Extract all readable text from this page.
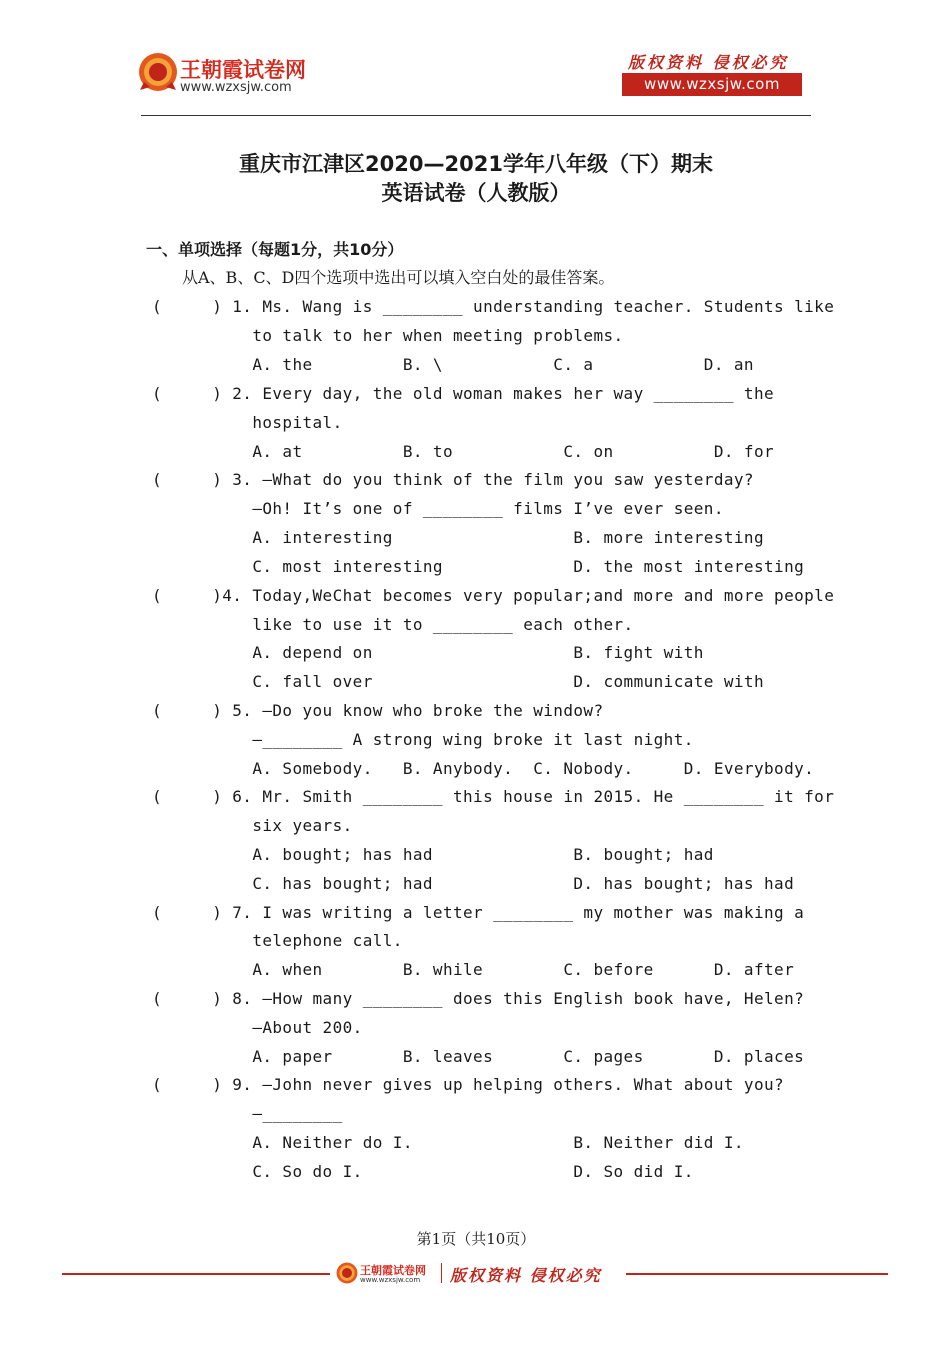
王朝霞试卷网
www.wzxsjw.com
版权资料 侵权必究
www.wzxsjw.com
重庆市江津区2020—2021学年八年级（下）期末
英语试卷（人教版）
一、单项选择（每题1分，共10分）
从A、B、C、D四个选项中选出可以填入空白处的最佳答案。
(     ) 1. Ms. Wang is ________ understanding teacher. Students like
to talk to her when meeting problems.
A. the         B. \           C. a           D. an
(     ) 2. Every day, the old woman makes her way ________ the
hospital.
A. at          B. to           C. on          D. for
(     ) 3. —What do you think of the film you saw yesterday?
—Oh! It’s one of ________ films I’ve ever seen.
A. interesting                  B. more interesting
C. most interesting             D. the most interesting
(     )4. Today,WeChat becomes very popular;and more and more people
like to use it to ________ each other.
A. depend on                    B. fight with
C. fall over                    D. communicate with
(     ) 5. —Do you know who broke the window?
—________ A strong wing broke it last night.
A. Somebody.   B. Anybody.  C. Nobody.     D. Everybody.
(     ) 6. Mr. Smith ________ this house in 2015. He ________ it for
six years.
A. bought; has had              B. bought; had
C. has bought; had              D. has bought; has had
(     ) 7. I was writing a letter ________ my mother was making a
telephone call.
A. when        B. while        C. before      D. after
(     ) 8. —How many ________ does this English book have, Helen?
—About 200.
A. paper       B. leaves       C. pages       D. places
(     ) 9. —John never gives up helping others. What about you?
—________
A. Neither do I.                B. Neither did I.
C. So do I.                     D. So did I.
第1页（共10页）
王朝霞试卷网
www.wzxsjw.com 版权资料 侵权必究
